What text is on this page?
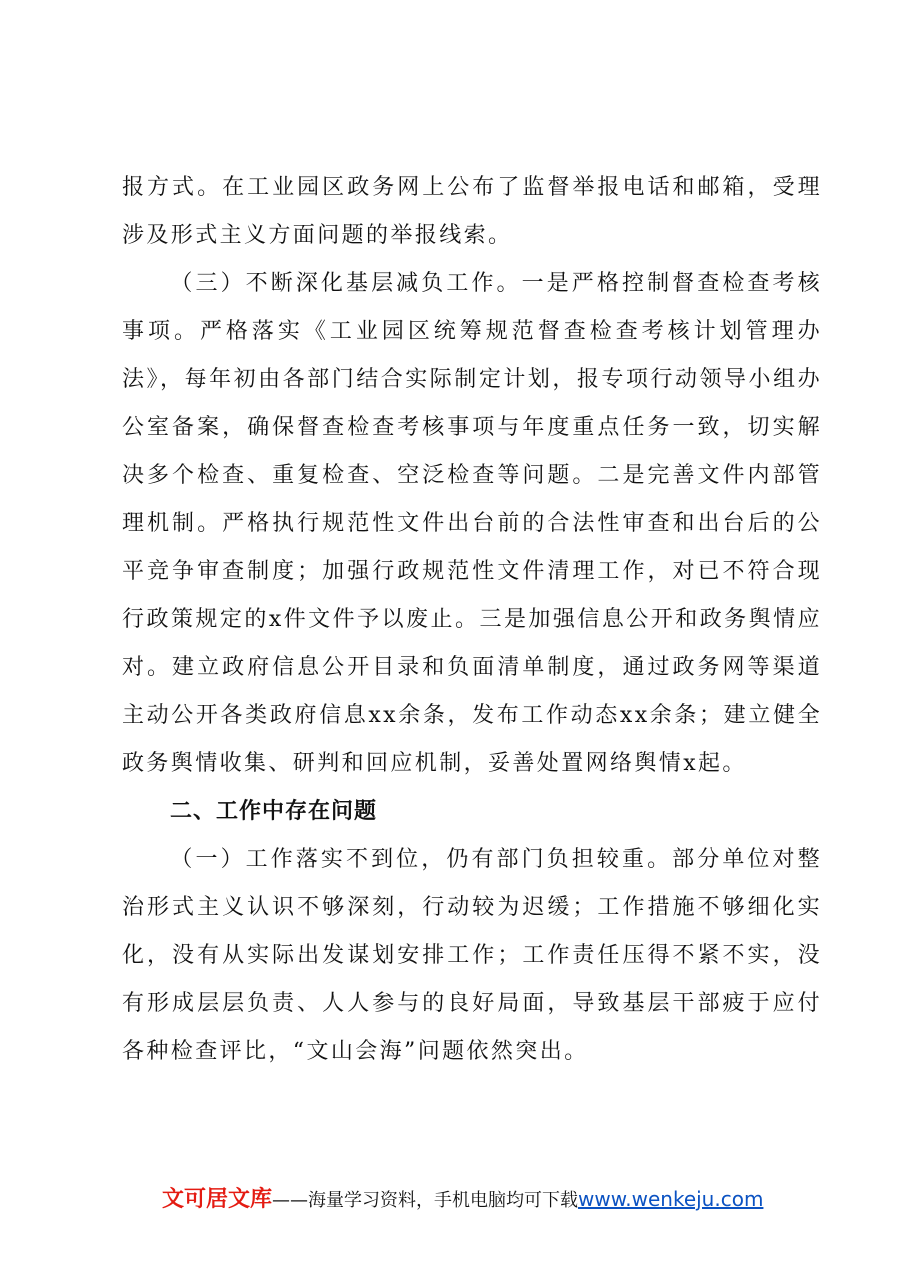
报方式。在工业园区政务网上公布了监督举报电话和邮箱，受理涉及形式主义方面问题的举报线索。

（三）不断深化基层减负工作。一是严格控制督查检查考核事项。严格落实《工业园区统筹规范督查检查考核计划管理办法》，每年初由各部门结合实际制定计划，报专项行动领导小组办公室备案，确保督查检查考核事项与年度重点任务一致，切实解决多个检查、重复检查、空泛检查等问题。二是完善文件内部管理机制。严格执行规范性文件出台前的合法性审查和出台后的公平竞争审查制度；加强行政规范性文件清理工作，对已不符合现行政策规定的x件文件予以废止。三是加强信息公开和政务舆情应对。建立政府信息公开目录和负面清单制度，通过政务网等渠道主动公开各类政府信息xx余条，发布工作动态xx余条；建立健全政务舆情收集、研判和回应机制，妥善处置网络舆情x起。

二、工作中存在问题

（一）工作落实不到位，仍有部门负担较重。部分单位对整治形式主义认识不够深刻，行动较为迟缓；工作措施不够细化实化，没有从实际出发谋划安排工作；工作责任压得不紧不实，没有形成层层负责、人人参与的良好局面，导致基层干部疲于应付各种检查评比，“文山会海”问题依然突出。

文可居文库——海量学习资料，手机电脑均可下载www.wenkeju.com
